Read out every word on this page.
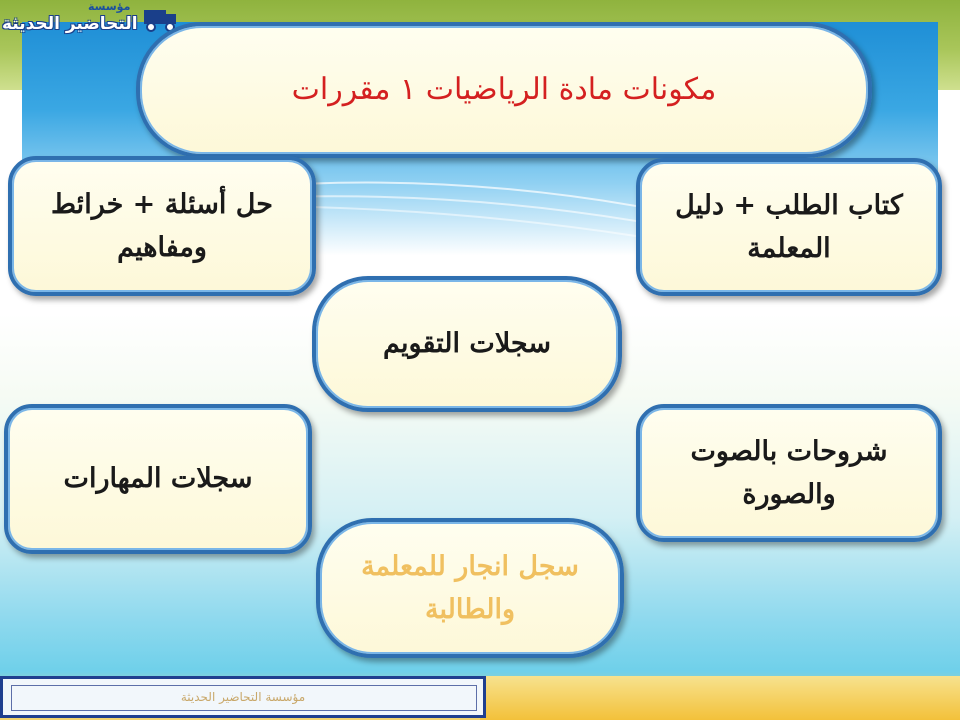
مؤسسة
التحاضير الحديثة
مكونات مادة الرياضيات ١ مقررات
كتاب الطلب + دليل المعلمة
حل أسئلة + خرائط ومفاهيم
سجلات التقويم
سجلات المهارات
شروحات بالصوت والصورة
سجل انجار للمعلمة والطالبة
مؤسسة التحاضير الحديثة
